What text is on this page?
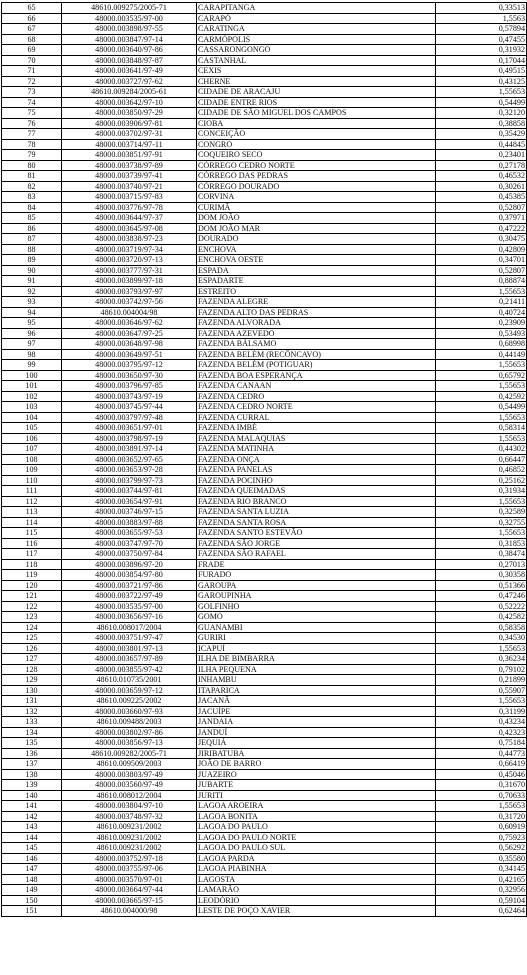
65	48610.009275/2005-71	CARAPITANGA	0,33513
66	48000.003535/97-00	CARAPÓ	1,5563
67	48000.003898/97-55	CARATINGA	0,57894
68	48000.003847/97-14	CARMÓPOLIS	0,47455
69	48000.003640/97-86	CASSARONGONGO	0,31932
70	48000.003848/97-87	CASTANHAL	0,17044
71	48000.003641/97-49	CEXIS	0,49515
72	48000.003727/97-62	CHERNE	0,43125
73	48610.009284/2005-61	CIDADE DE ARACAJU	1,55653
74	48000.003642/97-10	CIDADE ENTRE RIOS	0,54499
75	48000.003850/97-29	CIDADE DE SÃO MIGUEL DOS CAMPOS	0,32120
76	48000.003906/97-81	CIOBA	0,38858
77	48000.003702/97-31	CONCEIÇÃO	0,35429
78	48000.003714/97-11	CONGRO	0,44845
79	48000.003851/97-91	COQUEIRO SECO	0,23401
80	48000.003738/97-89	CÓRREGO CEDRO NORTE	0,27178
81	48000.003739/97-41	CÓRREGO DAS PEDRAS	0,46532
82	48000.003740/97-21	CÓRREGO DOURADO	0,30261
83	48000.003715/97-83	CORVINA	0,45385
84	48000.003776/97-78	CURIMÃ	0,52807
85	48000.003644/97-37	DOM JOÃO	0,37971
86	48000.003645/97-08	DOM JOÃO MAR	0,47222
87	48000.003838/97-23	DOURADO	0,30475
88	48000.003719/97-34	ENCHOVA	0,42809
89	48000.003720/97-13	ENCHOVA OESTE	0,34701
90	48000.003777/97-31	ESPADA	0,52807
91	48000.003899/97-18	ESPADARTE	0,88874
92	48000.003793/97-97	ESTREITO	1,55653
93	48000.003742/97-56	FAZENDA ALEGRE	0,21411
94	48610.004004/98	FAZENDA ALTO DAS PEDRAS	0,40724
95	48000.003646/97-62	FAZENDA ALVORADA	0,23909
96	48000.003647/97-25	FAZENDA AZEVEDO	0,53493
97	48000.003648/97-98	FAZENDA BÁLSAMO	0,68998
98	48000.003649/97-51	FAZENDA BELÉM (RECÔNCAVO)	0,44149
99	48000.003795/97-12	FAZENDA BELÉM (POTIGUAR)	1,55653
100	48000.003650/97-30	FAZENDA BOA ESPERANÇA	0,65792
101	48000.003796/97-85	FAZENDA CANAAN	1,55653
102	48000.003743/97-19	FAZENDA CEDRO	0,42592
103	48000.003745/97-44	FAZENDA CEDRO NORTE	0,54499
104	48000.003797/97-48	FAZENDA CURRAL	1,55653
105	48000.003651/97-01	FAZENDA IMBÉ	0,58314
106	48000.003798/97-19	FAZENDA MALAQUIAS	1,55653
107	48000.003891/97-14	FAZENDA MATINHA	0,44302
108	48000.003652/97-65	FAZENDA ONÇA	0,66447
109	48000.003653/97-28	FAZENDA PANELAS	0,46852
110	48000.003799/97-73	FAZENDA POCINHO	0,25162
111	48000.003744/97-81	FAZENDA QUEIMADAS	0,31934
112	48000.003654/97-91	FAZENDA RIO BRANCO	1,55653
113	48000.003746/97-15	FAZENDA SANTA LUZIA	0,32589
114	48000.003883/97-88	FAZENDA SANTA ROSA	0,32755
115	48000.003655/97-53	FAZENDA SANTO ESTEVÃO	1,55653
116	48000.003747/97-70	FAZENDA SÃO JORGE	0,31853
117	48000.003750/97-84	FAZENDA SÃO RAFAEL	0,38474
118	48000.003896/97-20	FRADE	0,27013
119	48000.003854/97-80	FURADO	0,30358
120	48000.003721/97-86	GAROUPA	0,51366
121	48000.003722/97-49	GAROUPINHA	0,47246
122	48000.003535/97-00	GOLFINHO	0,52222
123	48000.003656/97-16	GOMO	0,42582
124	48610.008017/2004	GUANAMBI	0,58358
125	48000.003751/97-47	GURIRI	0,34530
126	48000.003801/97-13	ICAPUÍ	1,55653
127	48000.003657/97-89	ILHA DE BIMBARRA	0,36234
128	48000.003855/97-42	ILHA PEQUENA	0,79102
129	48610.010735/2001	INHAMBU	0,21899
130	48000.003659/97-12	ITAPARICA	0,55907
131	48610.009225/2002	JACANÃ	1,55653
132	48000.003660/97-93	JACUÍPE	0,31199
133	48610.009488/2003	JANDAIA	0,43234
134	48000.003802/97-86	JANDUÍ	0,42323
135	48000.003856/97-13	JEQUIÁ	0,75184
136	48610.009282/2005-71	JIRIBATUBA	0,44773
137	48610.009509/2003	JOÃO DE BARRO	0,66419
138	48000.003803/97-49	JUAZEIRO	0,45046
139	48000.003560/97-49	JUBARTE	0,31670
140	48610.008012/2004	JURITI	0,70633
141	48000.003804/97-10	LAGOA AROEIRA	1,55653
142	48000.003748/97-32	LAGOA BONITA	0,31720
143	48610.009231/2002	LAGOA DO PAULO	0,60919
144	48610.009231/2002	LAGOA DO PAULO NORTE	0,75923
145	48610.009231/2002	LAGOA DO PAULO SUL	0,56292
146	48000.003752/97-18	LAGOA PARDA	0,35580
147	48000.003755/97-06	LAGOA PIABINHA	0,34145
148	48000.003570/97-01	LAGOSTA	0,42165
149	48000.003664/97-44	LAMARÃO	0,32956
150	48000.003665/97-15	LEODÓRIO	0,59104
151	48610.004000/98	LESTE DE POÇO XAVIER	0,62464
